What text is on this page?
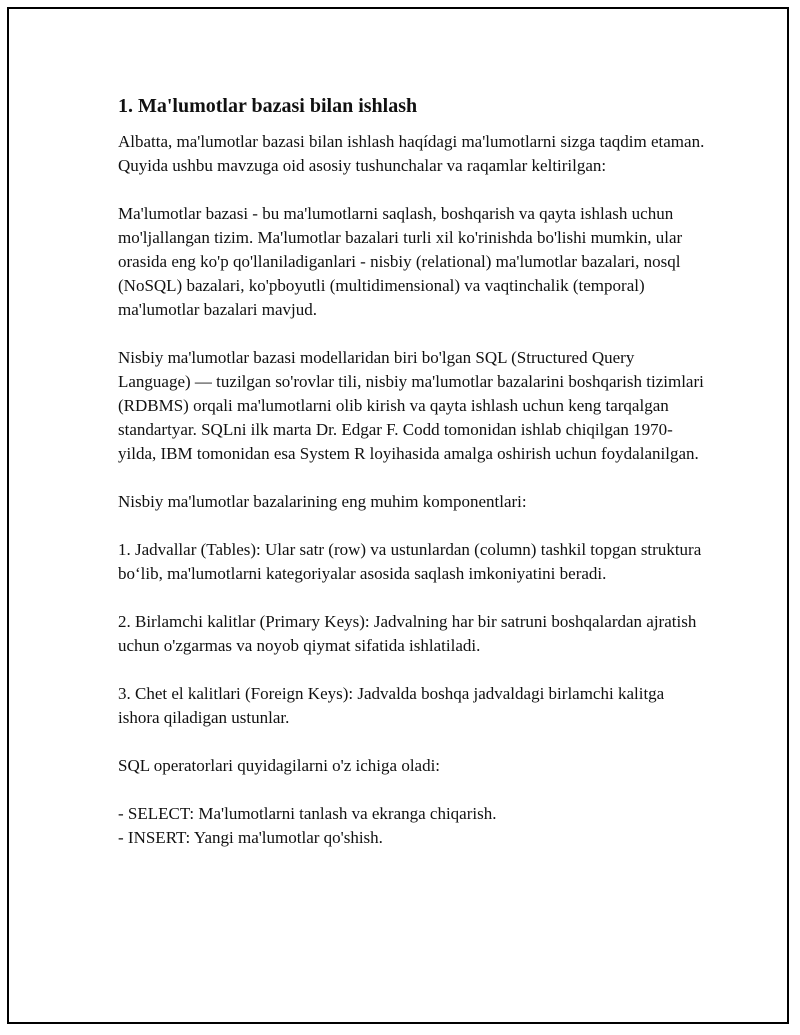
1. Ma'lumotlar bazasi bilan ishlash

Albatta, ma'lumotlar bazasi bilan ishlash haqídagi ma'lumotlarni sizga taqdim etaman. Quyida ushbu mavzuga oid asosiy tushunchalar va raqamlar keltirilgan:

Ma'lumotlar bazasi - bu ma'lumotlarni saqlash, boshqarish va qayta ishlash uchun mo'ljallangan tizim. Ma'lumotlar bazalari turli xil ko'rinishda bo'lishi mumkin, ular orasida eng ko'p qo'llaniladiganlari - nisbiy (relational) ma'lumotlar bazalari, nosql (NoSQL) bazalari, ko'pboyutli (multidimensional) va vaqtinchalik (temporal) ma'lumotlar bazalari mavjud.

Nisbiy ma'lumotlar bazasi modellaridan biri bo'lgan SQL (Structured Query Language) — tuzilgan so'rovlar tili, nisbiy ma'lumotlar bazalarini boshqarish tizimlari (RDBMS) orqali ma'lumotlarni olib kirish va qayta ishlash uchun keng tarqalgan standartyar. SQLni ilk marta Dr. Edgar F. Codd tomonidan ishlab chiqilgan 1970-yilda, IBM tomonidan esa System R loyihasida amalga oshirish uchun foydalanilgan.

Nisbiy ma'lumotlar bazalarining eng muhim komponentlari:

1. Jadvallar (Tables): Ular satr (row) va ustunlardan (column) tashkil topgan struktura bo‘lib, ma'lumotlarni kategoriyalar asosida saqlash imkoniyatini beradi.

2. Birlamchi kalitlar (Primary Keys): Jadvalning har bir satruni boshqalardan ajratish uchun o'zgarmas va noyob qiymat sifatida ishlatiladi.

3. Chet el kalitlari (Foreign Keys): Jadvalda boshqa jadvaldagi birlamchi kalitga ishora qiladigan ustunlar.

SQL operatorlari quyidagilarni o'z ichiga oladi:

- SELECT: Ma'lumotlarni tanlash va ekranga chiqarish.

- INSERT: Yangi ma'lumotlar qo'shish.
